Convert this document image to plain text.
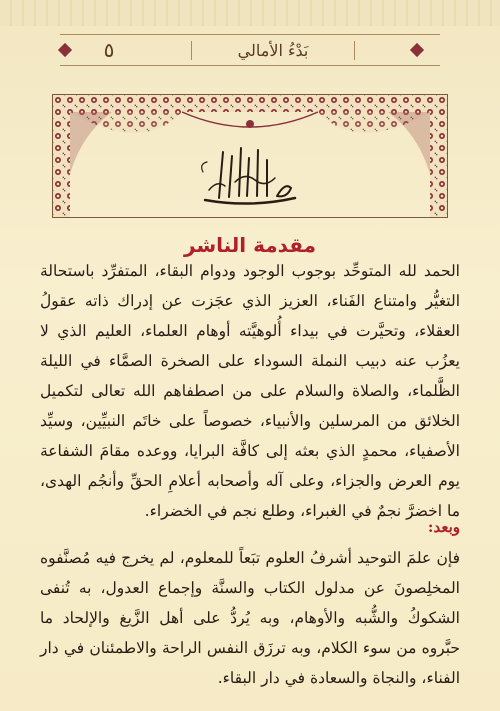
٥	بَدْءُ الأمالي
مقدمة الناشر
الحمد لله المتوحِّد بوجوب الوجود ودوام البقاء، المتفرِّد باستحالة التغيُّر وامتناع الفَناء، العزيز الذي عجَزت عن إدراك ذاته عقولُ العقلاء، وتحيَّرت في بيداء أُلوهيَّته أوهام العلماء، العليم الذي لا يعزُب عنه دبيب النملة السوداء على الصخرة الصمَّاء في الليلة الظَّلماء، والصلاة والسلام على من اصطفاهم الله تعالى لتكميل الخلائق من المرسلين والأنبياء، خصوصاً على خاتَم النبيِّين، وسيِّد الأصفياء، محمدٍ الذي بعثه إلى كافَّة البرايا، ووعده مقامَ الشفاعة يوم العرض والجزاء، وعلى آله وأصحابه أعلامِ الحقِّ وأنجُم الهدى، ما اخضرَّ نجمٌ في الغبراء، وطلع نجم في الخضراء.
وبعد:
فإن علمَ التوحيد أشرفُ العلوم تبَعاً للمعلوم، لم يخرج فيه مُصنَّفوه المخلِصونَ عن مدلول الكتاب والسنَّة وإجماع العدول، به تُنفى الشكوكُ والشُّبه والأوهام، وبه يُردُّ على أهل الزَّيغ والإلحاد ما حبَّروه من سوء الكلام، وبه ترزَق النفس الراحة والاطمئنان في دار الفناء، والنجاة والسعادة في دار البقاء.
